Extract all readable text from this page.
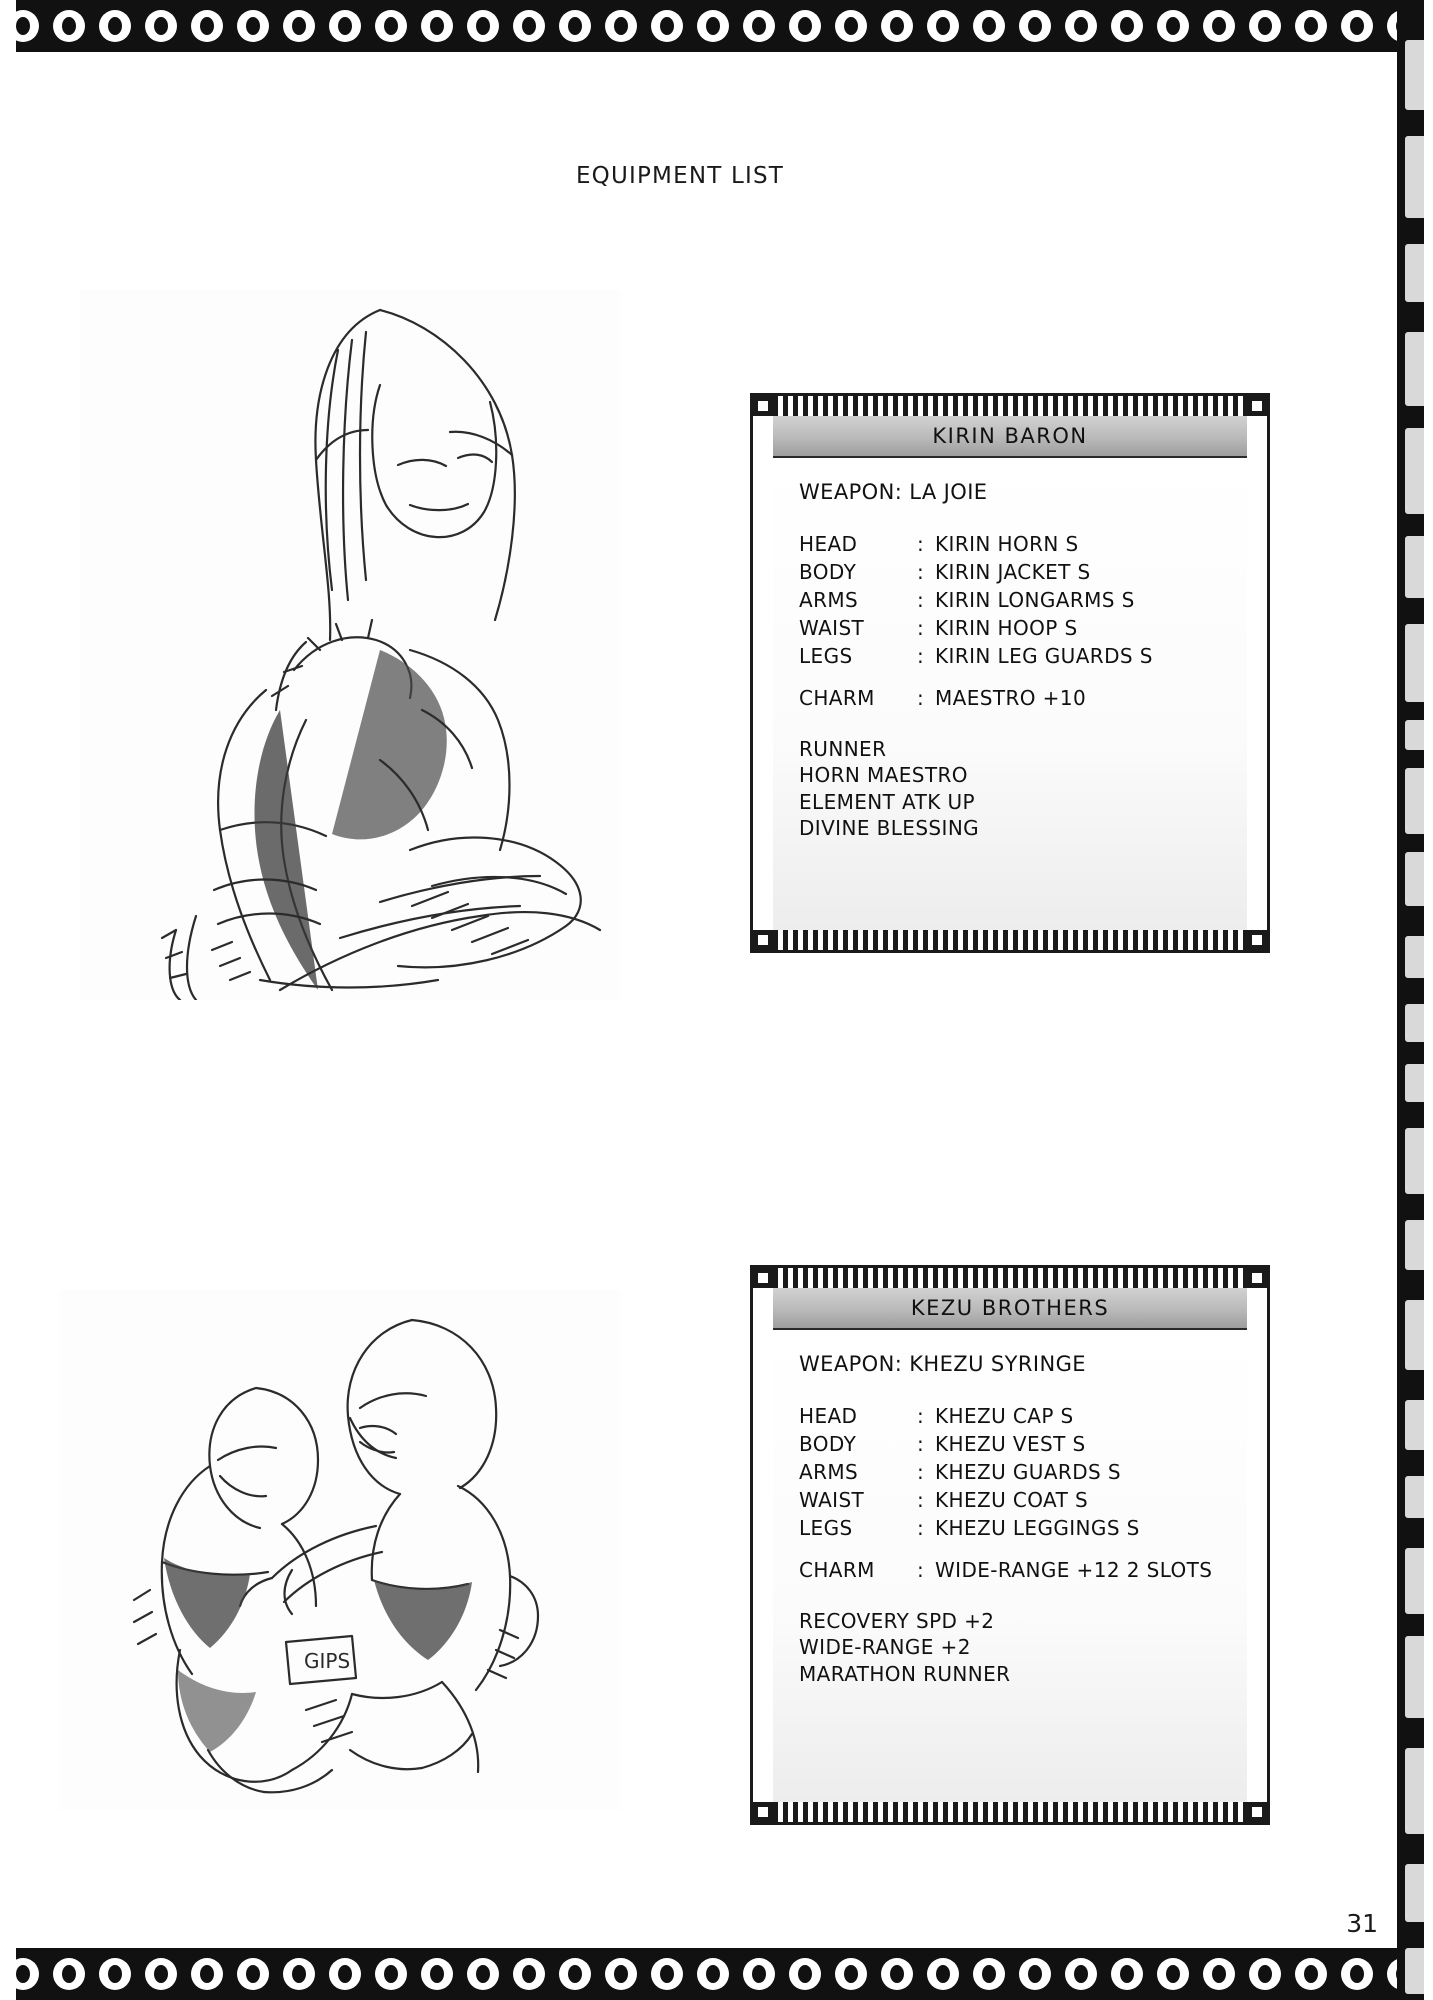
EQUIPMENT LIST
KIRIN BARON
WEAPON: LA JOIE
HEAD	:	KIRIN HORN S
BODY	:	KIRIN JACKET S
ARMS	:	KIRIN LONGARMS S
WAIST	:	KIRIN HOOP S
LEGS	:	KIRIN LEG GUARDS S
CHARM	: MAESTRO +10
RUNNER
HORN MAESTRO
ELEMENT ATK UP
DIVINE BLESSING
GIPS
KEZU BROTHERS
WEAPON: KHEZU SYRINGE
HEAD	:	KHEZU CAP S
BODY	:	KHEZU VEST S
ARMS	:	KHEZU GUARDS S
WAIST	:	KHEZU COAT S
LEGS	:	KHEZU LEGGINGS S
CHARM	: WIDE-RANGE +12 2 SLOTS
RECOVERY SPD +2
WIDE-RANGE +2
MARATHON RUNNER
31
